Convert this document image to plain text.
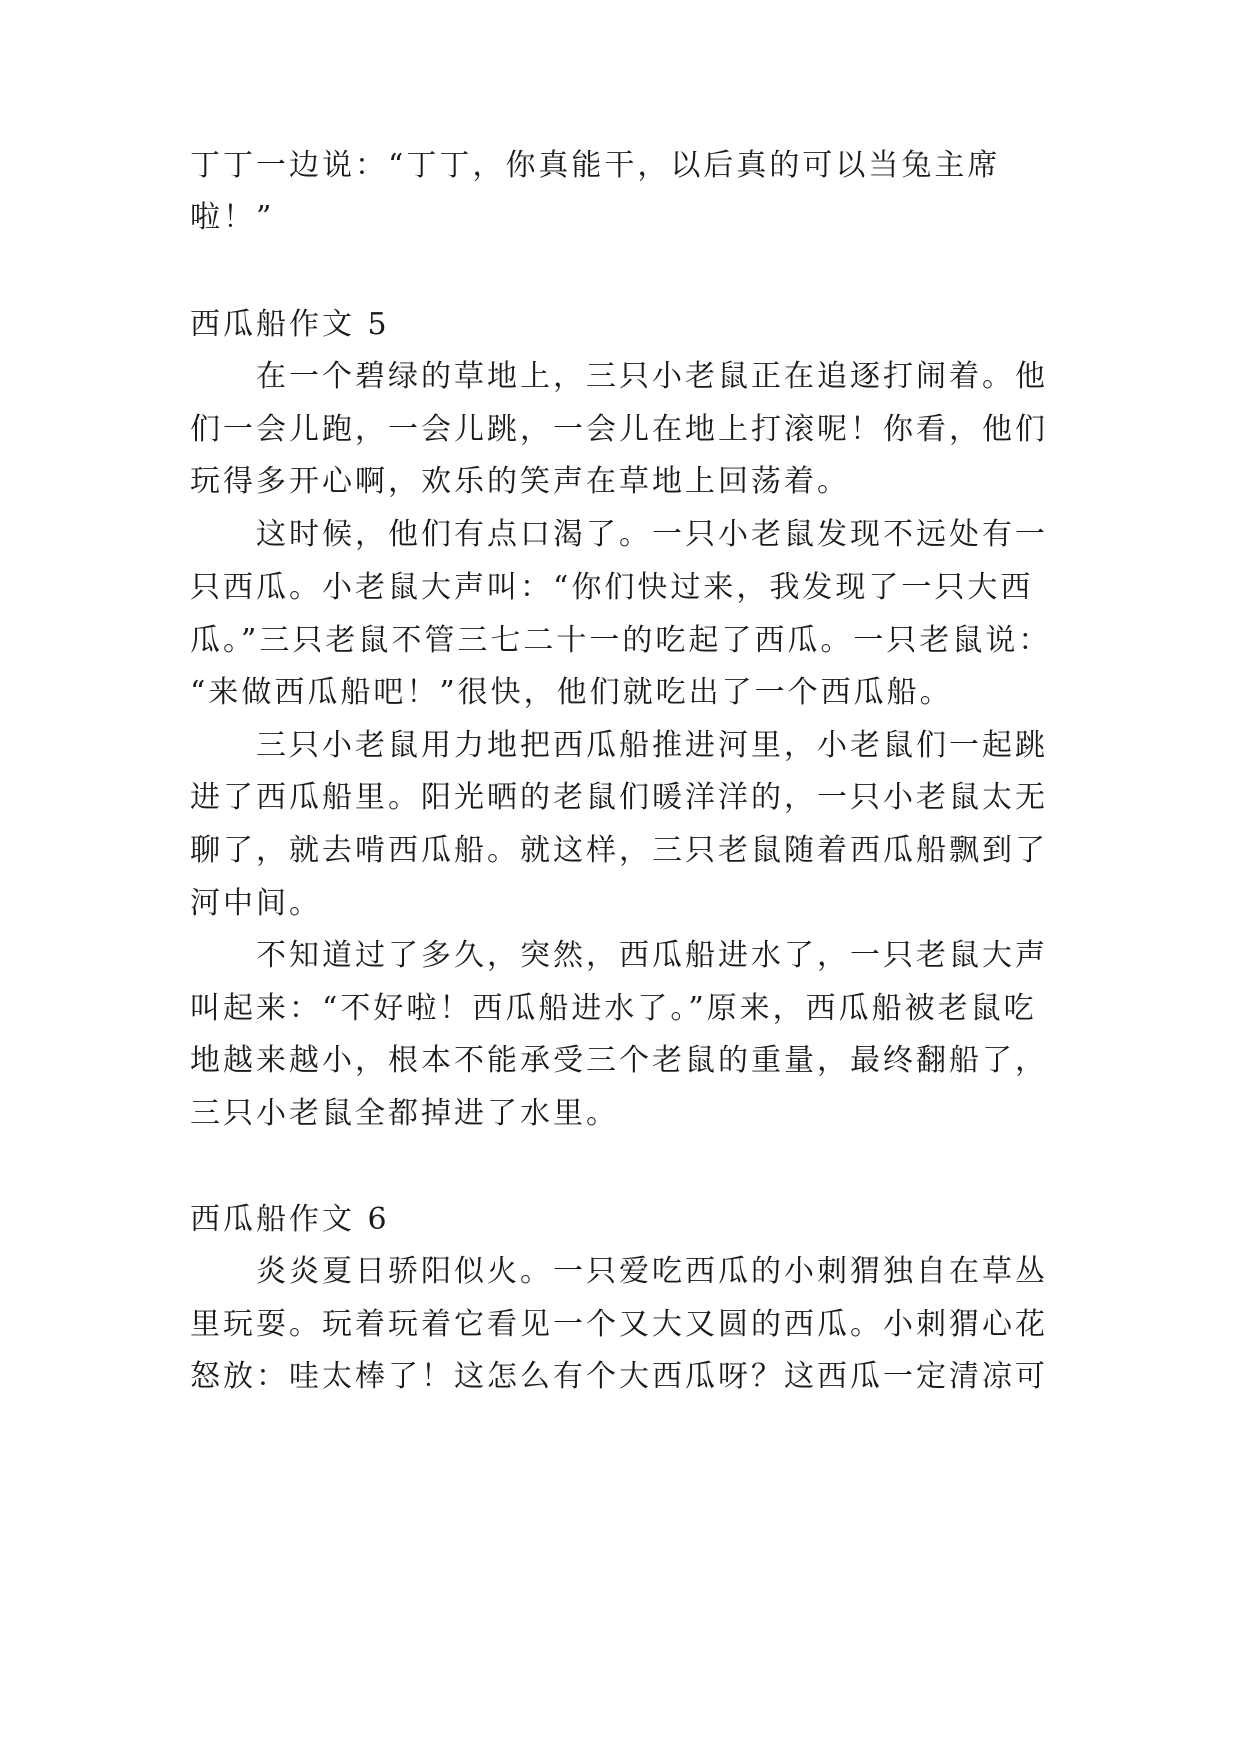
丁丁一边说：“丁丁，你真能干，以后真的可以当兔主席
啦！”
西瓜船作文 5
在一个碧绿的草地上，三只小老鼠正在追逐打闹着。他
们一会儿跑，一会儿跳，一会儿在地上打滚呢！你看，他们
玩得多开心啊，欢乐的笑声在草地上回荡着。
这时候，他们有点口渴了。一只小老鼠发现不远处有一
只西瓜。小老鼠大声叫：“你们快过来，我发现了一只大西
瓜。”三只老鼠不管三七二十一的吃起了西瓜。一只老鼠说：
“来做西瓜船吧！”很快，他们就吃出了一个西瓜船。
三只小老鼠用力地把西瓜船推进河里，小老鼠们一起跳
进了西瓜船里。阳光晒的老鼠们暖洋洋的，一只小老鼠太无
聊了，就去啃西瓜船。就这样，三只老鼠随着西瓜船飘到了
河中间。
不知道过了多久，突然，西瓜船进水了，一只老鼠大声
叫起来：“不好啦！西瓜船进水了。”原来，西瓜船被老鼠吃
地越来越小，根本不能承受三个老鼠的重量，最终翻船了，
三只小老鼠全都掉进了水里。
西瓜船作文 6
炎炎夏日骄阳似火。一只爱吃西瓜的小刺猬独自在草丛
里玩耍。玩着玩着它看见一个又大又圆的西瓜。小刺猬心花
怒放：哇太棒了！这怎么有个大西瓜呀？这西瓜一定清凉可
